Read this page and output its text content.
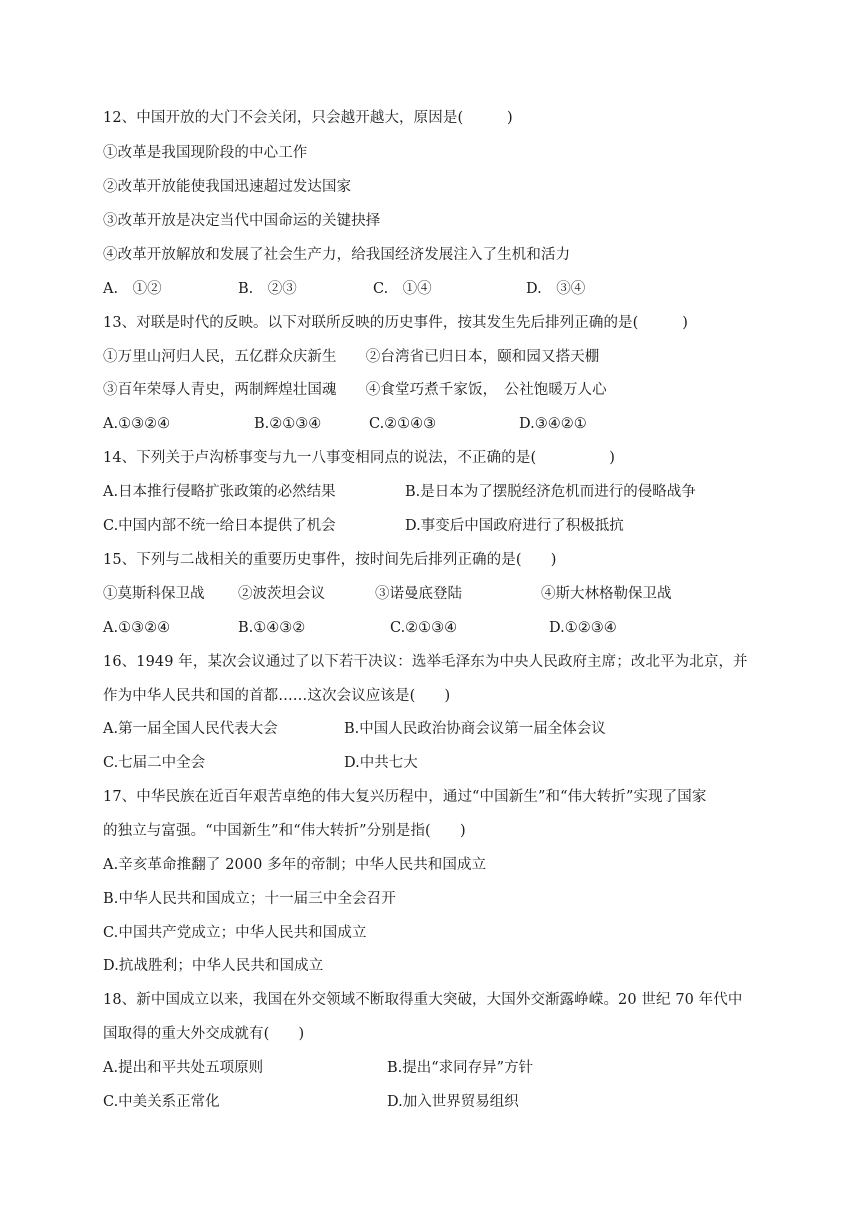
12、中国开放的大门不会关闭，只会越开越大，原因是(　　　)
①改革是我国现阶段的中心工作
②改革开放能使我国迅速超过发达国家
③改革开放是决定当代中国命运的关键抉择
④改革开放解放和发展了社会生产力，给我国经济发展注入了生机和活力
A.　①②	B.　②③	C.　①④	D.　③④
13、对联是时代的反映。以下对联所反映的历史事件，按其发生先后排列正确的是(　　　)
①万里山河归人民，五亿群众庆新生　　②台湾省已归日本，颐和园又搭天棚
③百年荣辱人青史，两制辉煌壮国魂　　④食堂巧煮千家饭，　公社饱暖万人心
A.①③②④	B.②①③④	C.②①④③	D.③④②①
14、下列关于卢沟桥事变与九一八事变相同点的说法，不正确的是(　　　　　)
A.日本推行侵略扩张政策的必然结果	B.是日本为了摆脱经济危机而进行的侵略战争
C.中国内部不统一给日本提供了机会	D.事变后中国政府进行了积极抵抗
15、下列与二战相关的重要历史事件，按时间先后排列正确的是(　　)
①莫斯科保卫战 ②波茨坦会议	③诺曼底登陆	④斯大林格勒保卫战
A.①③②④	B.①④③②	C.②①③④	D.①②③④
16、1949 年，某次会议通过了以下若干决议：选举毛泽东为中央人民政府主席；改北平为北京，并
作为中华人民共和国的首都……这次会议应该是(　　)
A.第一届全国人民代表大会	B.中国人民政治协商会议第一届全体会议
C.七届二中全会	D.中共七大
17、中华民族在近百年艰苦卓绝的伟大复兴历程中，通过“中国新生”和“伟大转折”实现了国家
的独立与富强。“中国新生”和“伟大转折”分别是指(　　)
A.辛亥革命推翻了 2000 多年的帝制；中华人民共和国成立
B.中华人民共和国成立；十一届三中全会召开
C.中国共产党成立；中华人民共和国成立
D.抗战胜利；中华人民共和国成立
18、新中国成立以来，我国在外交领域不断取得重大突破，大国外交渐露峥嵘。20 世纪 70 年代中
国取得的重大外交成就有(　　)
A.提出和平共处五项原则	B.提出“求同存异”方针
C.中美关系正常化	D.加入世界贸易组织
